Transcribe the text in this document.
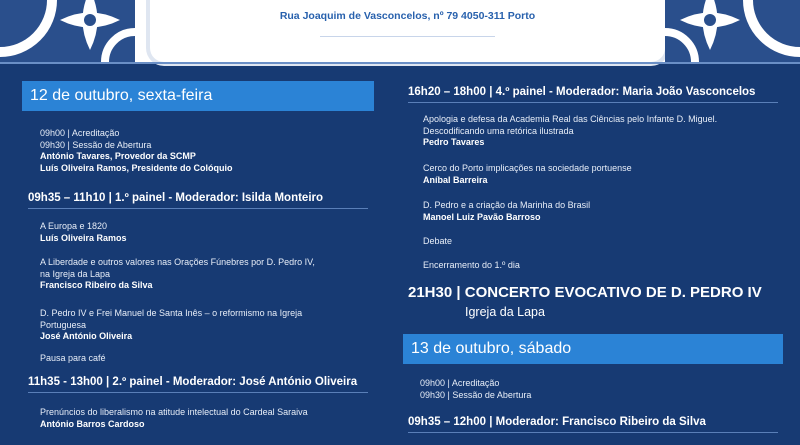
Rua Joaquim de Vasconcelos, nº 79 4050-311 Porto
12 de outubro, sexta-feira
09h00 | Acreditação
09h30 | Sessão de Abertura
António Tavares, Provedor da SCMP
Luís Oliveira Ramos, Presidente do Colóquio
09h35 – 11h10 | 1.º painel - Moderador: Isilda Monteiro
A Europa e 1820
Luís Oliveira Ramos
A Liberdade e outros valores nas Orações Fúnebres por D. Pedro IV,
na Igreja da Lapa
Francisco Ribeiro da Silva
D. Pedro IV e Frei Manuel de Santa Inês – o reformismo na Igreja
Portuguesa
José António Oliveira
Pausa para café
11h35 - 13h00 | 2.º painel - Moderador: José António Oliveira
Prenúncios do liberalismo na atitude intelectual do Cardeal Saraiva
António Barros Cardoso
16h20 – 18h00 | 4.º painel - Moderador: Maria João Vasconcelos
Apologia e defesa da Academia Real das Ciências pelo Infante D. Miguel.
Descodificando uma retórica ilustrada
Pedro Tavares
Cerco do Porto implicações na sociedade portuense
Aníbal Barreira
D. Pedro e a criação da Marinha do Brasil
Manoel Luiz Pavão Barroso
Debate
Encerramento do 1.º dia
21H30 | CONCERTO EVOCATIVO DE D. PEDRO IV
Igreja da Lapa
13 de outubro, sábado
09h00 | Acreditação
09h30 | Sessão de Abertura
09h35 – 12h00 | Moderador: Francisco Ribeiro da Silva
